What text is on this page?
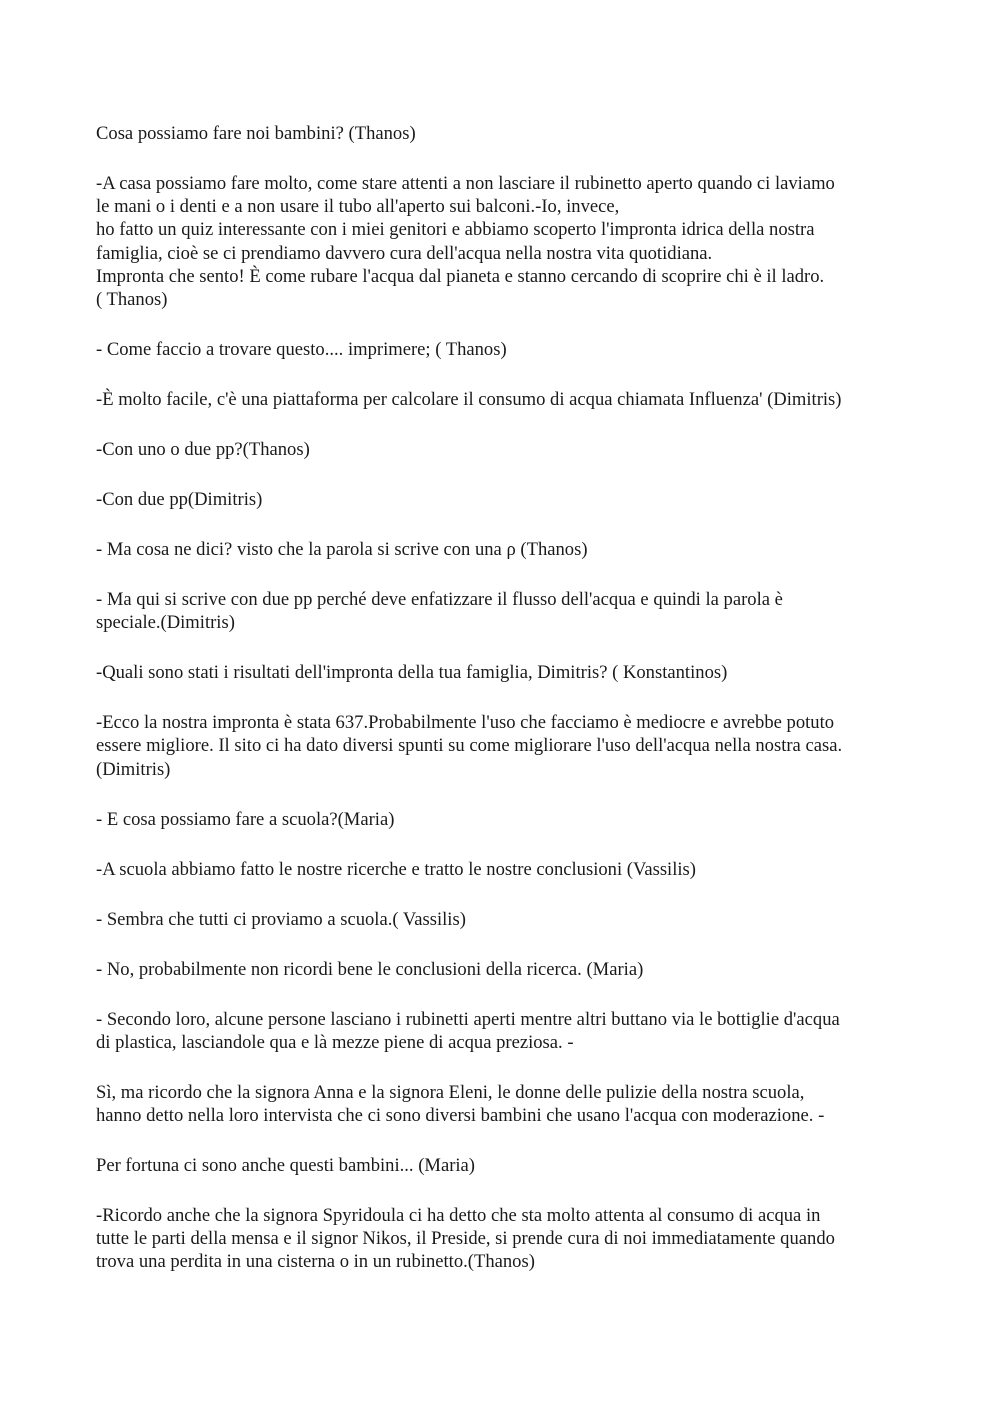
Cosa possiamo fare noi bambini? (Thanos)

-A casa possiamo fare molto, come stare attenti a non lasciare il rubinetto aperto quando ci laviamo
le mani o i denti e a non usare il tubo all'aperto sui balconi.-Io, invece,
ho fatto un quiz interessante con i miei genitori e abbiamo scoperto l'impronta idrica della nostra
famiglia, cioè se ci prendiamo davvero cura dell'acqua nella nostra vita quotidiana.
Impronta che sento! È come rubare l'acqua dal pianeta e stanno cercando di scoprire chi è il ladro.
( Thanos)

- Come faccio a trovare questo.... imprimere; ( Thanos)

-È molto facile, c'è una piattaforma per calcolare il consumo di acqua chiamata Influenza' (Dimitris)

-Con uno o due pp?(Thanos)

-Con due pp(Dimitris)

- Ma cosa ne dici? visto che la parola si scrive con una ρ (Thanos)

- Ma qui si scrive con due pp perché deve enfatizzare il flusso dell'acqua e quindi la parola è
speciale.(Dimitris)

-Quali sono stati i risultati dell'impronta della tua famiglia, Dimitris? ( Konstantinos)

-Ecco la nostra impronta è stata 637.Probabilmente l'uso che facciamo è mediocre e avrebbe potuto
essere migliore. Il sito ci ha dato diversi spunti su come migliorare l'uso dell'acqua nella nostra casa.
(Dimitris)

- E cosa possiamo fare a scuola?(Maria)

-A scuola abbiamo fatto le nostre ricerche e tratto le nostre conclusioni (Vassilis)

- Sembra che tutti ci proviamo a scuola.( Vassilis)

- No, probabilmente non ricordi bene le conclusioni della ricerca. (Maria)

- Secondo loro, alcune persone lasciano i rubinetti aperti mentre altri buttano via le bottiglie d'acqua
di plastica, lasciandole qua e là mezze piene di acqua preziosa. -

Sì, ma ricordo che la signora Anna e la signora Eleni, le donne delle pulizie della nostra scuola,
hanno detto nella loro intervista che ci sono diversi bambini che usano l'acqua con moderazione. -

Per fortuna ci sono anche questi bambini... (Maria)

-Ricordo anche che la signora Spyridoula ci ha detto che sta molto attenta al consumo di acqua in
tutte le parti della mensa e il signor Nikos, il Preside, si prende cura di noi immediatamente quando
trova una perdita in una cisterna o in un rubinetto.(Thanos)
